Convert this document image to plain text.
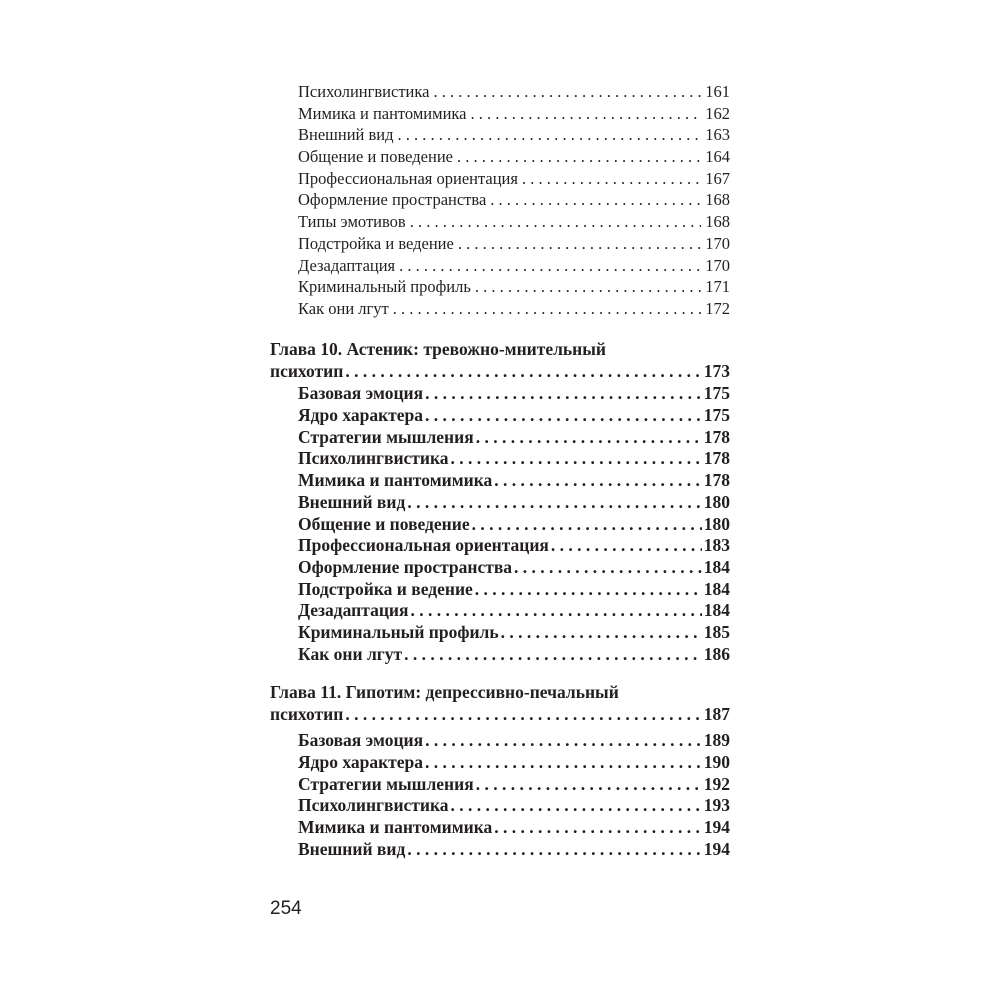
Психолингвистика . . .	161
Мимика и пантомимика . . .	162
Внешний вид . . .	163
Общение и поведение . . .	164
Профессиональная ориентация . . .	167
Оформление пространства . . .	168
Типы эмотивов . . .	168
Подстройка и ведение . . .	170
Дезадаптация . . .	170
Криминальный профиль . . .	171
Как они лгут . . .	172
Глава 10. Астеник: тревожно-мнительный
психотип . . .	173
Базовая эмоция . . .	175
Ядро характера . . .	175
Стратегии мышления . . .	178
Психолингвистика . . .	178
Мимика и пантомимика . . .	178
Внешний вид . . .	180
Общение и поведение . . .	180
Профессиональная ориентация . . .	183
Оформление пространства . . .	184
Подстройка и ведение . . .	184
Дезадаптация . . .	184
Криминальный профиль . . .	185
Как они лгут . . .	186
Глава 11. Гипотим: депрессивно-печальный
психотип . . .	187
Базовая эмоция . . .	189
Ядро характера . . .	190
Стратегии мышления . . .	192
Психолингвистика . . .	193
Мимика и пантомимика . . .	194
Внешний вид . . .	194
254
